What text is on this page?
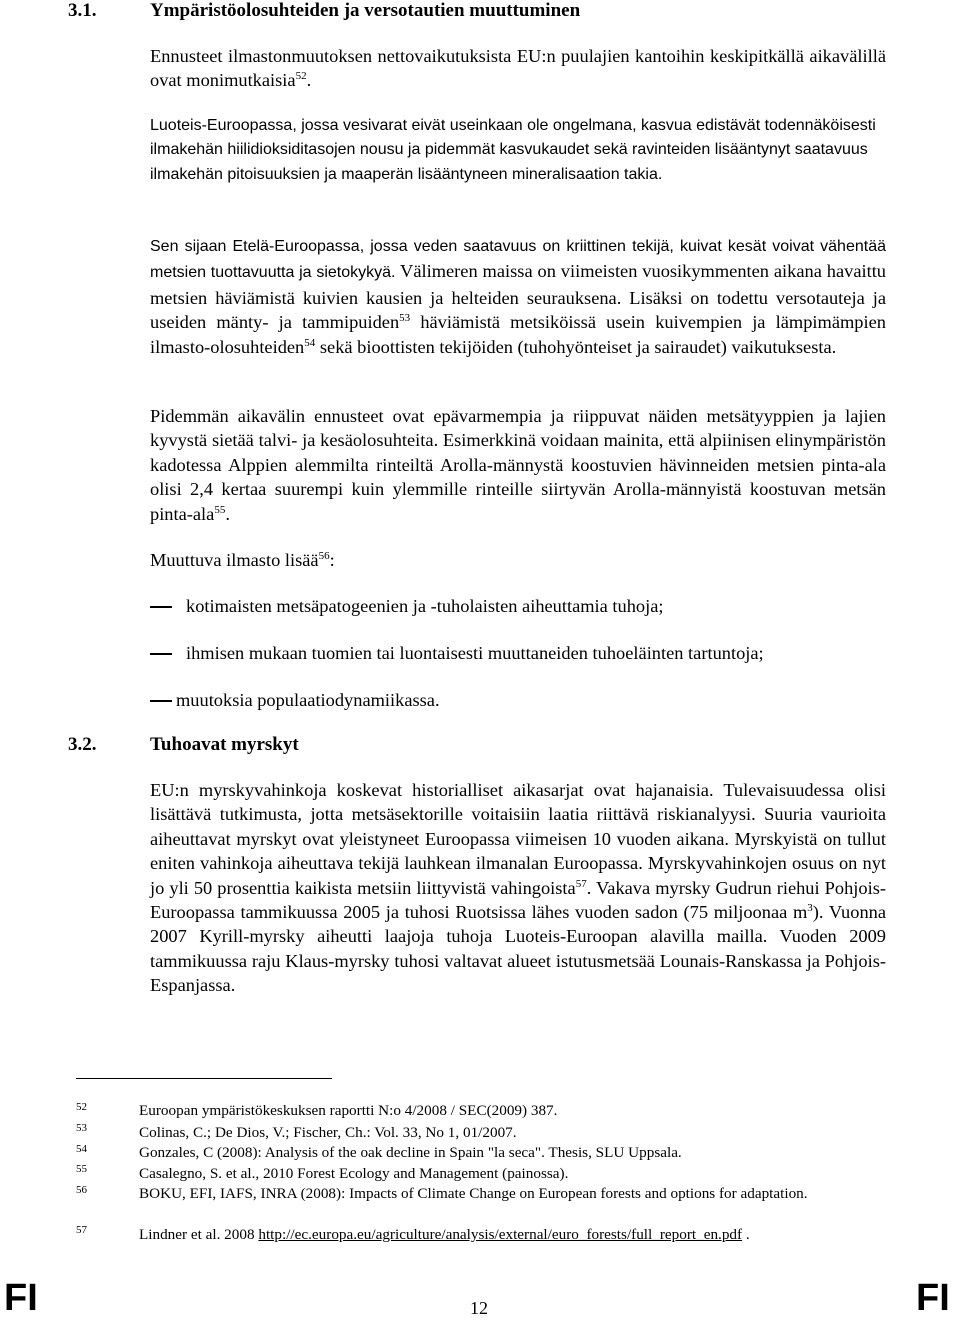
3.1.	Ympäristöolosuhteiden ja versotautien muuttuminen
Ennusteet ilmastonmuutoksen nettovaikutuksista EU:n puulajien kantoihin keskipitkällä aikavälillä ovat monimutkaisia$^{52}$.
Luoteis-Euroopassa, jossa vesivarat eivät useinkaan ole ongelmana, kasvua edistävät todennäköisesti ilmakehän hiilidioksiditasojen nousu ja pidemmät kasvukaudet sekä ravinteiden lisääntynyt saatavuus ilmakehän pitoisuuksien ja maaperän lisääntyneen mineralisaation takia.
Sen sijaan Etelä-Euroopassa, jossa veden saatavuus on kriittinen tekijä, kuivat kesät voivat vähentää metsien tuottavuutta ja sietokykyä. Välimeren maissa on viimeisten vuosikymmenten aikana havaittu metsien häviämistä kuivien kausien ja helteiden seurauksena. Lisäksi on todettu versotauteja ja useiden mänty- ja tammipuiden$^{53}$ häviämistä metsiköissä usein kuivempien ja lämpimämpien ilmasto-olosuhteiden$^{54}$ sekä bioottisten tekijöiden (tuhohyönteiset ja sairaudet) vaikutuksesta.
Pidemmän aikavälin ennusteet ovat epävarmempia ja riippuvat näiden metsätyyppien ja lajien kyvystä sietää talvi- ja kesäolosuhteita. Esimerkkinä voidaan mainita, että alpiinisen elinympäristön kadotessa Alppien alemmilta rinteiltä Arolla-männystä koostuvien hävinneiden metsien pinta-ala olisi 2,4 kertaa suurempi kuin ylemmille rinteille siirtyvän Arolla-männyistä koostuvan metsän pinta-ala$^{55}$.
Muuttuva ilmasto lisää$^{56}$:
kotimaisten metsäpatogeenien ja -tuholaisten aiheuttamia tuhoja;
ihmisen mukaan tuomien tai luontaisesti muuttaneiden tuhoeläinten tartuntoja;
muutoksia populaatiodynamiikassa.
3.2.	Tuhoavat myrskyt
EU:n myrskyvahinkoja koskevat historialliset aikasarjat ovat hajanaisia. Tulevaisuudessa olisi lisättävä tutkimusta, jotta metsäsektorille voitaisiin laatia riittävä riskianalyysi. Suuria vaurioita aiheuttavat myrskyt ovat yleistyneet Euroopassa viimeisen 10 vuoden aikana. Myrskyistä on tullut eniten vahinkoja aiheuttava tekijä lauhkean ilmanalan Euroopassa. Myrskyvahinkojen osuus on nyt jo yli 50 prosenttia kaikista metsiin liittyvistä vahingoista$^{57}$. Vakava myrsky Gudrun riehui Pohjois-Euroopassa tammikuussa 2005 ja tuhosi Ruotsissa lähes vuoden sadon (75 miljoonaa $m^3$). Vuonna 2007 Kyrill-myrsky aiheutti laajoja tuhoja Luoteis-Euroopan alavilla mailla. Vuoden 2009 tammikuussa raju Klaus-myrsky tuhosi valtavat alueet istutusmetsää Lounais-Ranskassa ja Pohjois-Espanjassa.
52	Euroopan ympäristökeskuksen raportti N:o 4/2008 / SEC(2009) 387.
53	Colinas, C.; De Dios, V.; Fischer, Ch.: Vol. 33, No 1, 01/2007.
54	Gonzales, C (2008): Analysis of the oak decline in Spain "la seca". Thesis, SLU Uppsala.
55	Casalegno, S. et al., 2010 Forest Ecology and Management (painossa).
56	BOKU, EFI, IAFS, INRA (2008): Impacts of Climate Change on European forests and options for adaptation.
57	Lindner et al. 2008 http://ec.europa.eu/agriculture/analysis/external/euro_forests/full_report_en.pdf .
FI	12	FI
